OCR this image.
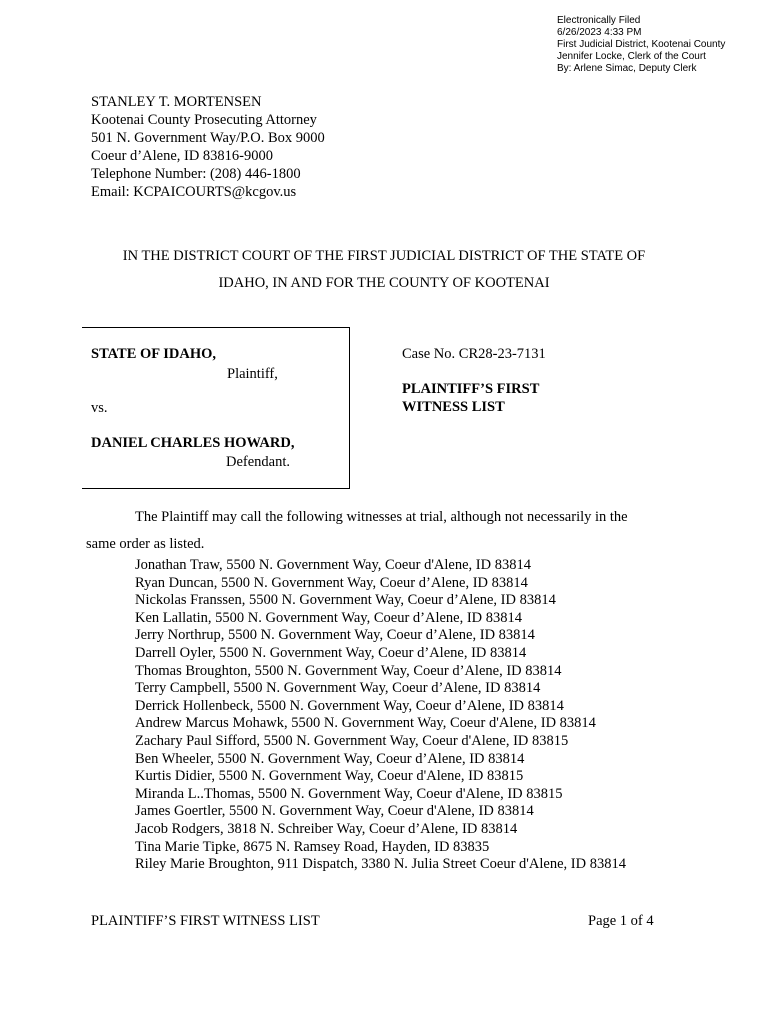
Electronically Filed
6/26/2023 4:33 PM
First Judicial District, Kootenai County
Jennifer Locke, Clerk of the Court
By: Arlene Simac, Deputy Clerk
STANLEY T. MORTENSEN
Kootenai County Prosecuting Attorney
501 N. Government Way/P.O. Box 9000
Coeur d’Alene, ID 83816-9000
Telephone Number: (208) 446-1800
Email: KCPAICOURTS@kcgov.us
IN THE DISTRICT COURT OF THE FIRST JUDICIAL DISTRICT OF THE STATE OF
IDAHO, IN AND FOR THE COUNTY OF KOOTENAI
STATE OF IDAHO,
Plaintiff,
vs.
DANIEL CHARLES HOWARD,
Defendant.
Case No. CR28-23-7131
PLAINTIFF’S FIRST
WITNESS LIST
The Plaintiff may call the following witnesses at trial, although not necessarily in the
same order as listed.
Jonathan Traw, 5500 N. Government Way, Coeur d'Alene, ID 83814
Ryan Duncan, 5500 N. Government Way, Coeur d’Alene, ID 83814
Nickolas Franssen, 5500 N. Government Way, Coeur d’Alene, ID 83814
Ken Lallatin, 5500 N. Government Way, Coeur d’Alene, ID 83814
Jerry Northrup, 5500 N. Government Way, Coeur d’Alene, ID 83814
Darrell Oyler, 5500 N. Government Way, Coeur d’Alene, ID 83814
Thomas Broughton, 5500 N. Government Way, Coeur d’Alene, ID 83814
Terry Campbell, 5500 N. Government Way, Coeur d’Alene, ID 83814
Derrick Hollenbeck, 5500 N. Government Way, Coeur d’Alene, ID 83814
Andrew Marcus Mohawk, 5500 N. Government Way, Coeur d'Alene, ID 83814
Zachary Paul Sifford, 5500 N. Government Way, Coeur d'Alene, ID 83815
Ben Wheeler, 5500 N. Government Way, Coeur d’Alene, ID 83814
Kurtis Didier, 5500 N. Government Way, Coeur d'Alene, ID 83815
Miranda L..Thomas, 5500 N. Government Way, Coeur d'Alene, ID 83815
James Goertler, 5500 N. Government Way, Coeur d'Alene, ID 83814
Jacob Rodgers, 3818 N. Schreiber Way, Coeur d’Alene, ID 83814
Tina Marie Tipke, 8675 N. Ramsey Road, Hayden, ID 83835
Riley Marie Broughton, 911 Dispatch, 3380 N. Julia Street Coeur d'Alene, ID 83814
PLAINTIFF’S FIRST WITNESS LIST	Page 1 of 4
